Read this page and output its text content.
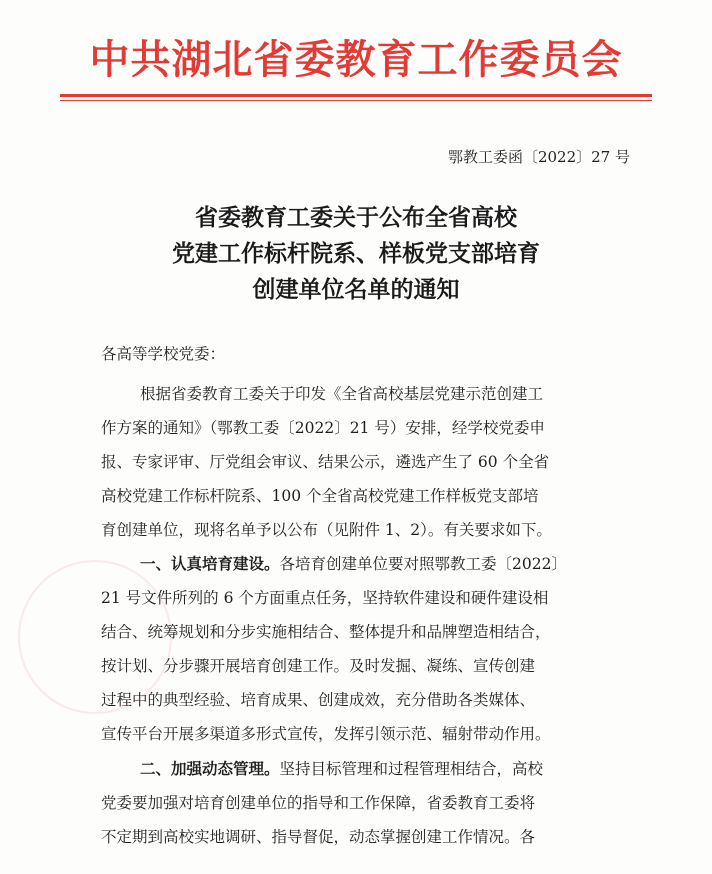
中共湖北省委教育工作委员会
鄂教工委函〔2022〕27 号
省委教育工委关于公布全省高校
党建工作标杆院系、样板党支部培育
创建单位名单的通知
各高等学校党委：
根据省委教育工委关于印发《全省高校基层党建示范创建工
作方案的通知》（鄂教工委〔2022〕21 号）安排，经学校党委申
报、专家评审、厅党组会审议、结果公示，遴选产生了 60 个全省
高校党建工作标杆院系、100 个全省高校党建工作样板党支部培
育创建单位，现将名单予以公布（见附件 1、2）。有关要求如下。
一、认真培育建设。各培育创建单位要对照鄂教工委〔2022〕
21 号文件所列的 6 个方面重点任务，坚持软件建设和硬件建设相
结合、统筹规划和分步实施相结合、整体提升和品牌塑造相结合，
按计划、分步骤开展培育创建工作。及时发掘、凝练、宣传创建
过程中的典型经验、培育成果、创建成效，充分借助各类媒体、
宣传平台开展多渠道多形式宣传，发挥引领示范、辐射带动作用。
二、加强动态管理。坚持目标管理和过程管理相结合，高校
党委要加强对培育创建单位的指导和工作保障，省委教育工委将
不定期到高校实地调研、指导督促，动态掌握创建工作情况。各
